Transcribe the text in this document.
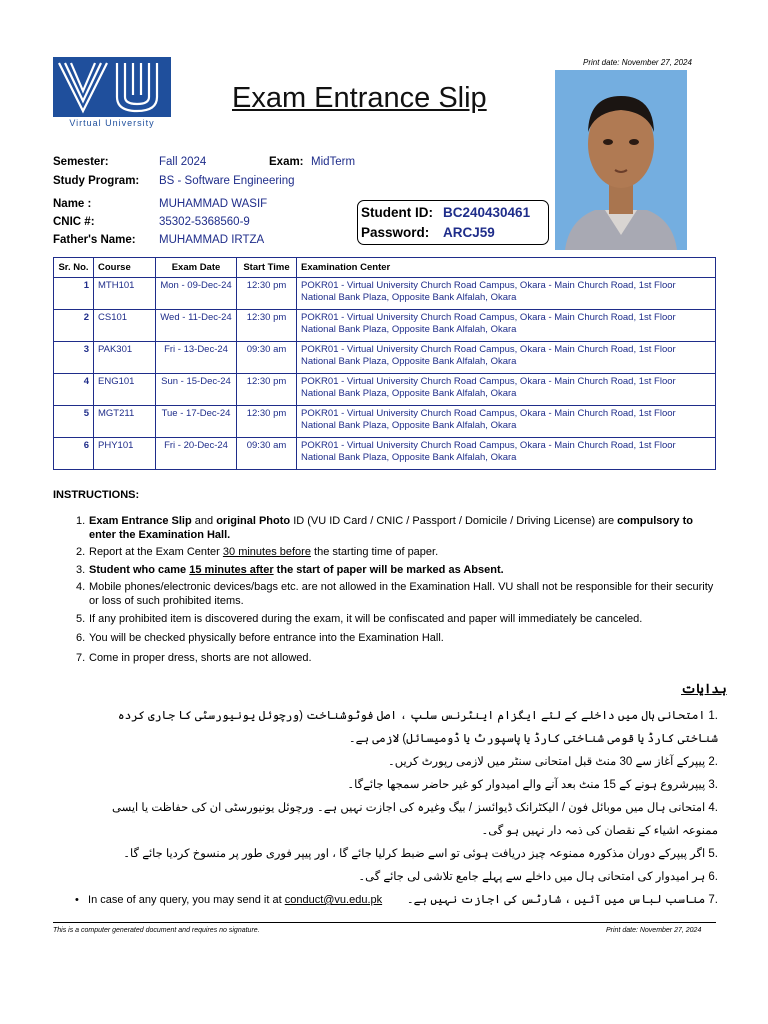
Print date: November 27, 2024
Virtual University
Exam Entrance Slip
Semester:	Fall 2024	Exam: MidTerm
Study Program: BS - Software Engineering
Name :	MUHAMMAD WASIF
CNIC #:	35302-5368560-9
Father's Name: MUHAMMAD IRTZA
Student ID: BC240430461
Password: ARCJ59
Sr. No.	Course	Exam Date	Start Time	Examination Center
1	MTH101	Mon - 09-Dec-24	12:30 pm	POKR01 - Virtual University Church Road Campus, Okara - Main Church Road, 1st Floor
National Bank Plaza, Opposite Bank Alfalah, Okara

2	CS101	Wed - 11-Dec-24	12:30 pm	POKR01 - Virtual University Church Road Campus, Okara - Main Church Road, 1st Floor
National Bank Plaza, Opposite Bank Alfalah, Okara

3	PAK301	Fri - 13-Dec-24	09:30 am	POKR01 - Virtual University Church Road Campus, Okara - Main Church Road, 1st Floor
National Bank Plaza, Opposite Bank Alfalah, Okara

4	ENG101	Sun - 15-Dec-24	12:30 pm	POKR01 - Virtual University Church Road Campus, Okara - Main Church Road, 1st Floor
National Bank Plaza, Opposite Bank Alfalah, Okara

5	MGT211	Tue - 17-Dec-24	12:30 pm	POKR01 - Virtual University Church Road Campus, Okara - Main Church Road, 1st Floor
National Bank Plaza, Opposite Bank Alfalah, Okara

6	PHY101	Fri - 20-Dec-24	09:30 am	POKR01 - Virtual University Church Road Campus, Okara - Main Church Road, 1st Floor
National Bank Plaza, Opposite Bank Alfalah, Okara
INSTRUCTIONS:
1. Exam Entrance Slip and original Photo ID (VU ID Card / CNIC / Passport / Domicile / Driving License) are compulsory to enter the Examination Hall.
2. Report at the Exam Center 30 minutes before the starting time of paper.
3. Student who came 15 minutes after the start of paper will be marked as Absent.
4. Mobile phones/electronic devices/bags etc. are not allowed in the Examination Hall. VU shall not be responsible for their security or loss of such prohibited items.
5. If any prohibited item is discovered during the exam, it will be confiscated and paper will immediately be canceled.
6. You will be checked physically before entrance into the Examination Hall.
7. Come in proper dress, shorts are not allowed.
ہدایات
.1 امتحانی ہال میں داخلے کے لئے ایگزام اینٹرنس سلپ ، اصل فوٹوشناخت (ورچوئل یونیورسٹی کا جاری کردہ شناختی کارڈ یا قومی شناختی کارڈ یا پاسپورٹ یا ڈومیسائل) لازمی ہے۔
.2 پیپرکے آغاز سے 30 منٹ قبل امتحانی سنٹر میں لازمی رپورٹ کریں۔
.3 پیپرشروع ہونے کے 15 منٹ بعد آنے والے امیدوار کو غیر حاضر سمجھا جائےگا۔
.4 امتحانی ہال میں موبائل فون / الیکٹرانک ڈیوائسز / بیگ وغیرہ کی اجازت نہیں ہے۔ ورچوئل یونیورسٹی ان کی حفاظت یا ایسی ممنوعہ اشیاء کے نقصان کی ذمہ دار نہیں ہو گی۔
.5 اگر پیپرکے دوران مذکورہ ممنوعہ چیز دریافت ہوئی تو اسے ضبط کرلیا جائے گا ، اور پیپر فوری طور پر منسوخ کردیا جائے گا۔
.6 ہر امیدوار کی امتحانی ہال میں داخلے سے پہلے جامع تلاشی لی جائے گی۔
.7 مناسب لباس میں آئیں ، شارٹس کی اجازت نہیں ہے۔
•   In case of any query, you may send it at conduct@vu.edu.pk
This is a computer generated document and requires no signature.	Print date: November 27, 2024
